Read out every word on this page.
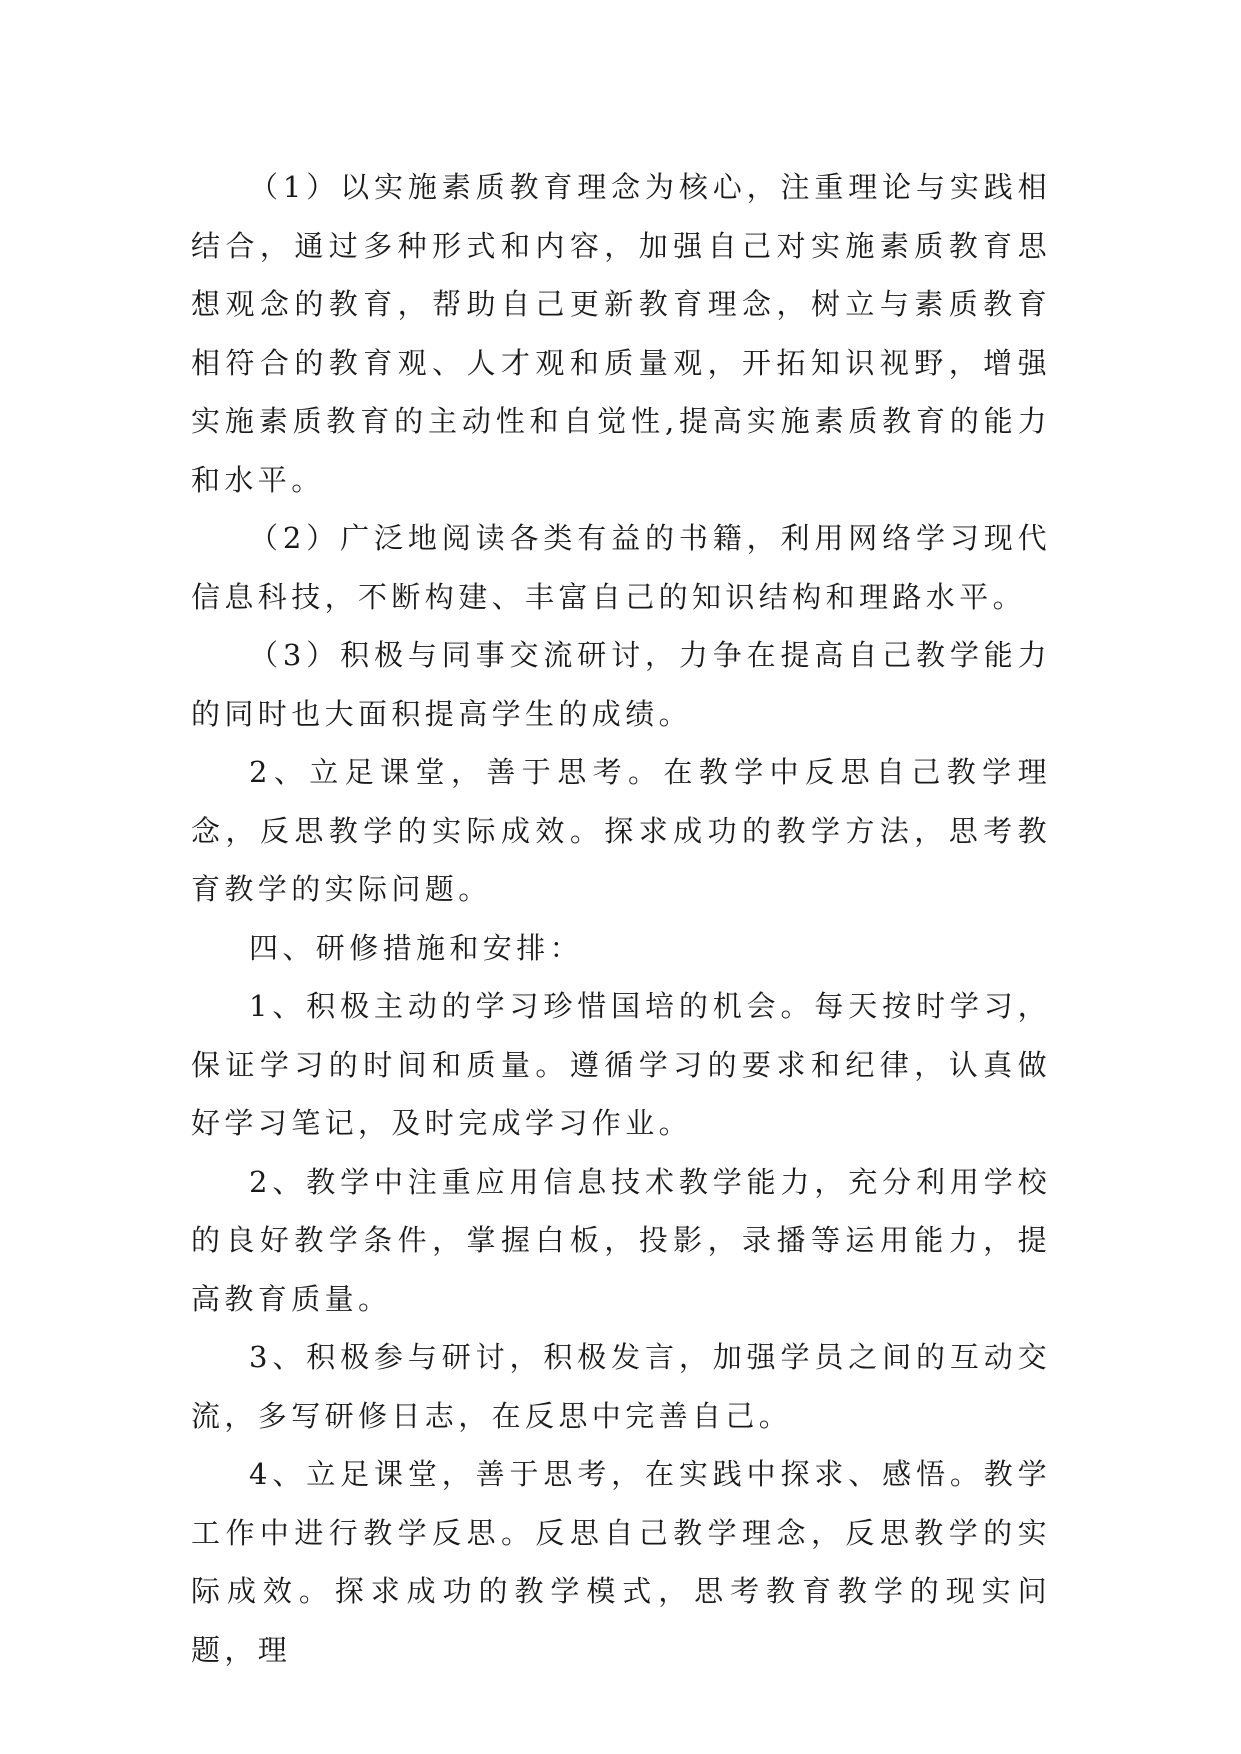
（1）以实施素质教育理念为核心，注重理论与实践相结合，通过多种形式和内容，加强自己对实施素质教育思想观念的教育，帮助自己更新教育理念，树立与素质教育相符合的教育观、人才观和质量观，开拓知识视野，增强实施素质教育的主动性和自觉性,提高实施素质教育的能力和水平。

（2）广泛地阅读各类有益的书籍，利用网络学习现代信息科技，不断构建、丰富自己的知识结构和理路水平。

（3）积极与同事交流研讨，力争在提高自己教学能力的同时也大面积提高学生的成绩。

2、立足课堂，善于思考。在教学中反思自己教学理念，反思教学的实际成效。探求成功的教学方法，思考教育教学的实际问题。

四、研修措施和安排：

1、积极主动的学习珍惜国培的机会。每天按时学习，保证学习的时间和质量。遵循学习的要求和纪律，认真做好学习笔记，及时完成学习作业。

2、教学中注重应用信息技术教学能力，充分利用学校的良好教学条件，掌握白板，投影，录播等运用能力，提高教育质量。

3、积极参与研讨，积极发言，加强学员之间的互动交流，多写研修日志，在反思中完善自己。

4、立足课堂，善于思考，在实践中探求、感悟。教学工作中进行教学反思。反思自己教学理念，反思教学的实际成效。探求成功的教学模式，思考教育教学的现实问题，理
